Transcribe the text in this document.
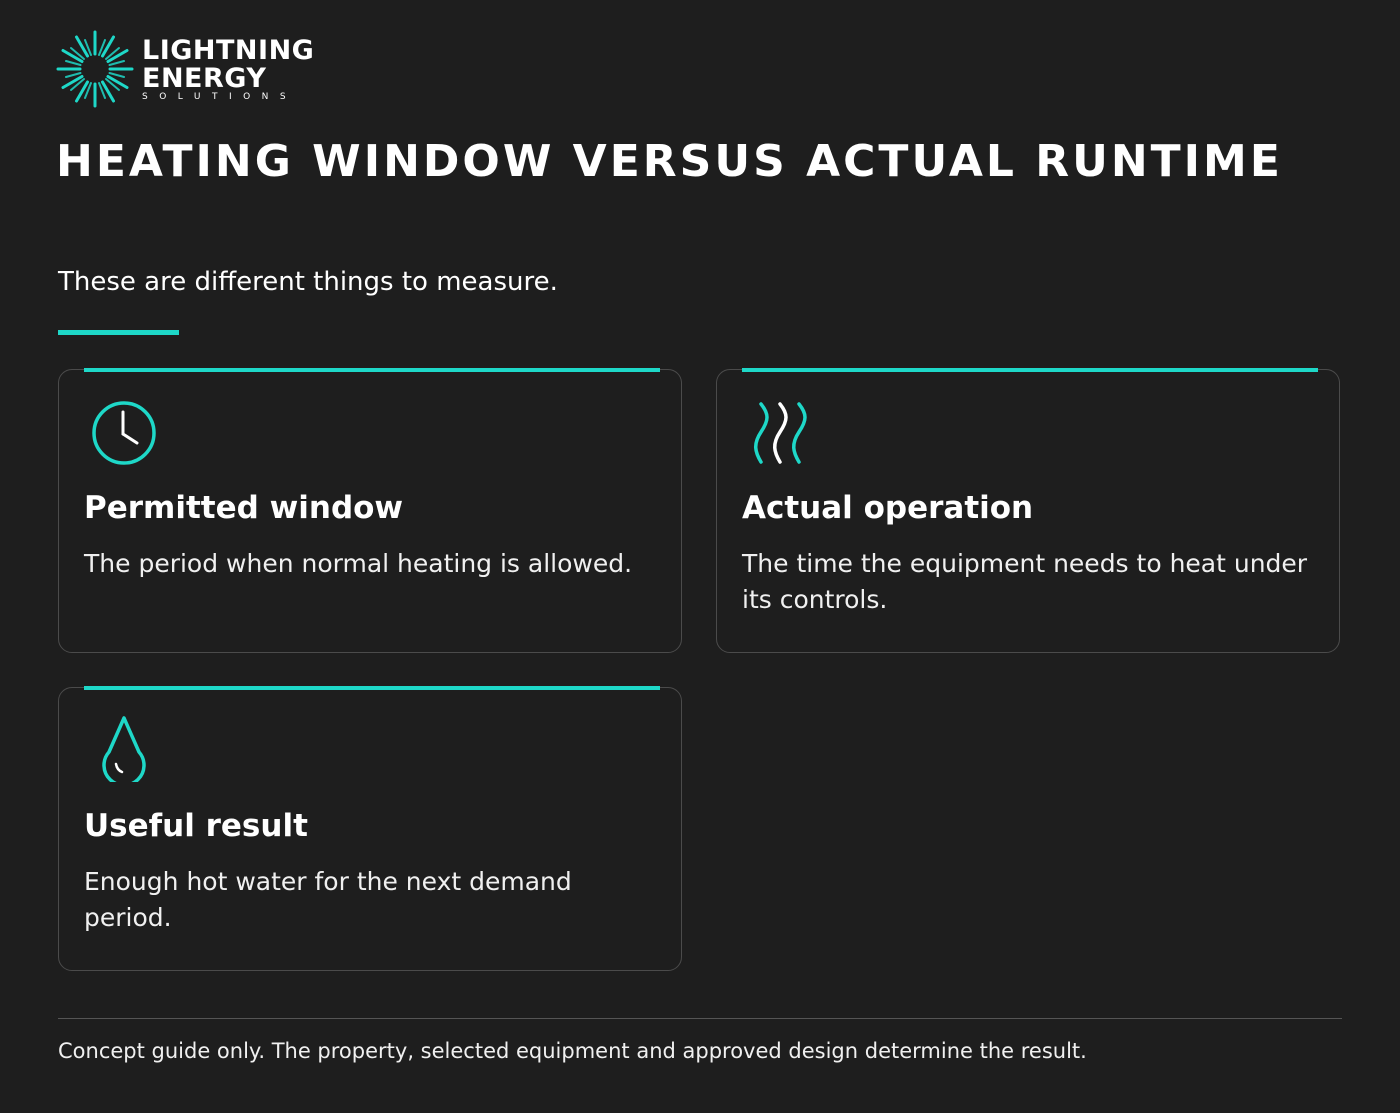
LIGHTNING
ENERGY
SOLUTIONS
HEATING WINDOW VERSUS ACTUAL RUNTIME

These are different things to measure.

Permitted window

The period when normal heating is allowed.

Actual operation

The time the equipment needs to heat under its controls.

Useful result

Enough hot water for the next demand period.

Concept guide only. The property, selected equipment and approved design determine the result.
